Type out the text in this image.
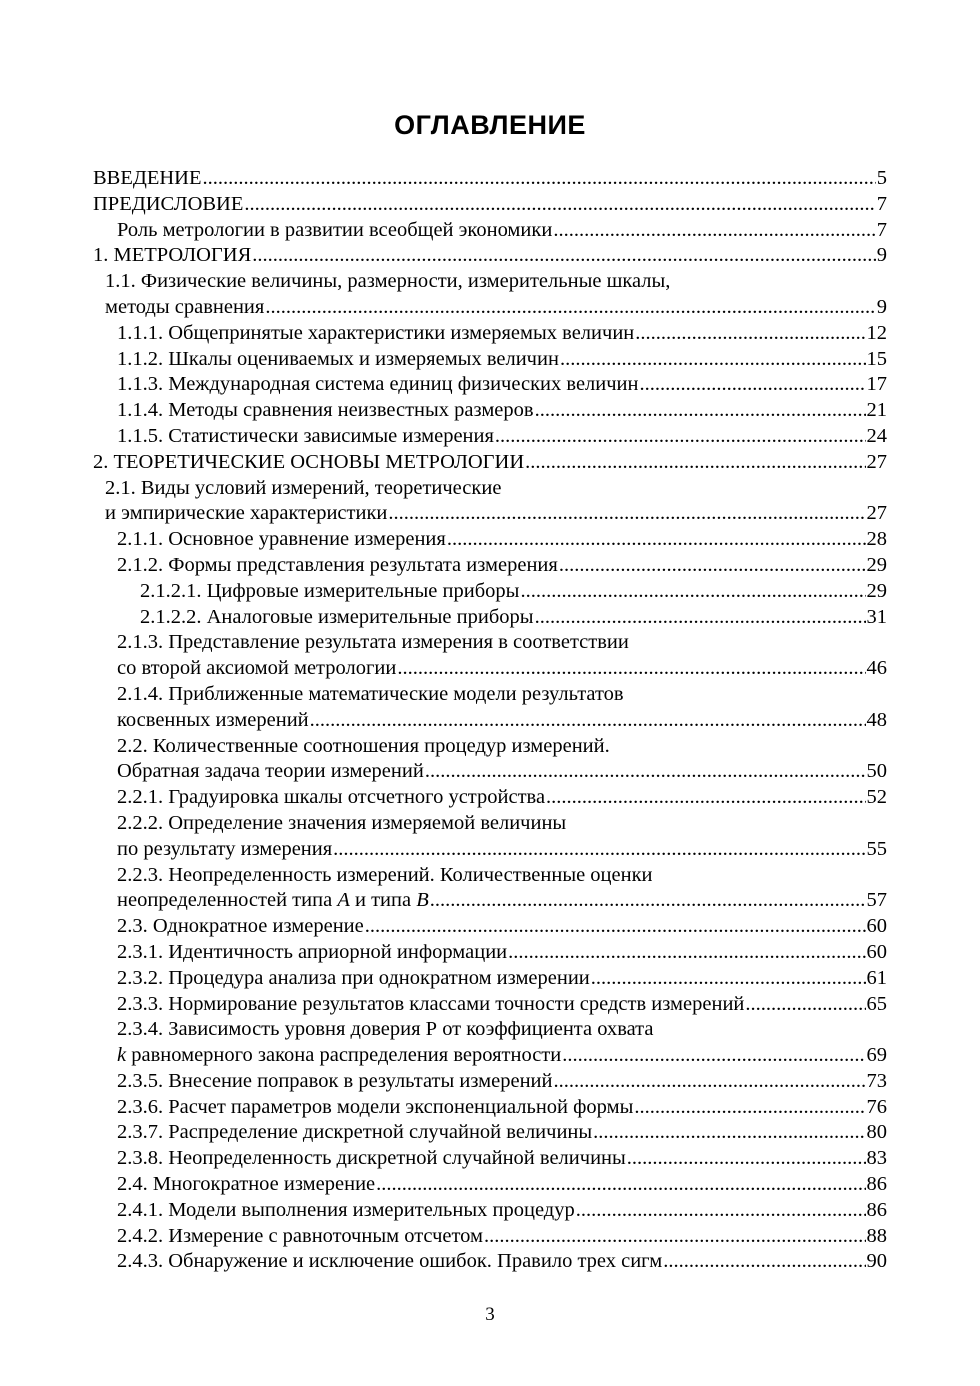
ОГЛАВЛЕНИЕ
ВВЕДЕНИЕ .....	5
ПРЕДИСЛОВИЕ .....	7
Роль метрологии в развитии всеобщей экономики .....	7
1. МЕТРОЛОГИЯ .....	9
1.1. Физические величины, размерности, измерительные шкалы,
методы сравнения .....	9
1.1.1. Общепринятые характеристики измеряемых величин .....	12
1.1.2. Шкалы оцениваемых и измеряемых величин .....	15
1.1.3. Международная система единиц физических величин .....	17
1.1.4. Методы сравнения неизвестных размеров .....	21
1.1.5. Статистически зависимые измерения .....	24
2. ТЕОРЕТИЧЕСКИЕ ОСНОВЫ МЕТРОЛОГИИ .....	27
2.1. Виды условий измерений, теоретические
и эмпирические характеристики .....	27
2.1.1. Основное уравнение измерения .....	28
2.1.2. Формы представления результата измерения .....	29
2.1.2.1. Цифровые измерительные приборы .....	29
2.1.2.2. Аналоговые измерительные приборы .....	31
2.1.3. Представление результата измерения в соответствии
со второй аксиомой метрологии .....	46
2.1.4. Приближенные математические модели результатов
косвенных измерений .....	48
2.2. Количественные соотношения процедур измерений.
Обратная задача теории измерений .....	50
2.2.1. Градуировка шкалы отсчетного устройства .....	52
2.2.2. Определение значения измеряемой величины
по результату измерения .....	55
2.2.3. Неопределенность измерений. Количественные оценки
неопределенностей типа A и типа B .....	57
2.3. Однократное измерение .....	60
2.3.1. Идентичность априорной информации .....	60
2.3.2. Процедура анализа при однократном измерении .....	61
2.3.3. Нормирование результатов классами точности средств измерений .....	65
2.3.4. Зависимость уровня доверия Р от коэффициента охвата
k равномерного закона распределения вероятности .....	69
2.3.5. Внесение поправок в результаты измерений .....	73
2.3.6. Расчет параметров модели экспоненциальной формы .....	76
2.3.7. Распределение дискретной случайной величины .....	80
2.3.8. Неопределенность дискретной случайной величины .....	83
2.4. Многократное измерение .....	86
2.4.1. Модели выполнения измерительных процедур .....	86
2.4.2. Измерение с равноточным отсчетом .....	88
2.4.3. Обнаружение и исключение ошибок. Правило трех сигм .....	90
3
